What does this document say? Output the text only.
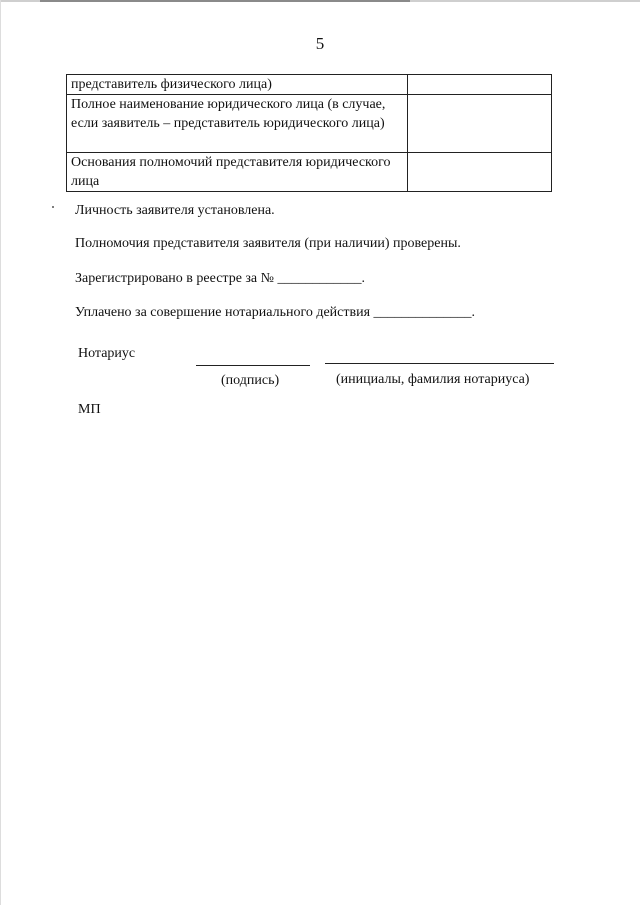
5
представитель физического лица)	
Полное наименование юридического лица (в случае, если заявитель – представитель юридического лица)	
Основания полномочий представителя юридического лица	
Личность заявителя установлена.
Полномочия представителя заявителя (при наличии) проверены.
Зарегистрировано в реестре за № ____________.
Уплачено за совершение нотариального действия ______________.
Нотариус
(подпись)	(инициалы, фамилия нотариуса)
МП
